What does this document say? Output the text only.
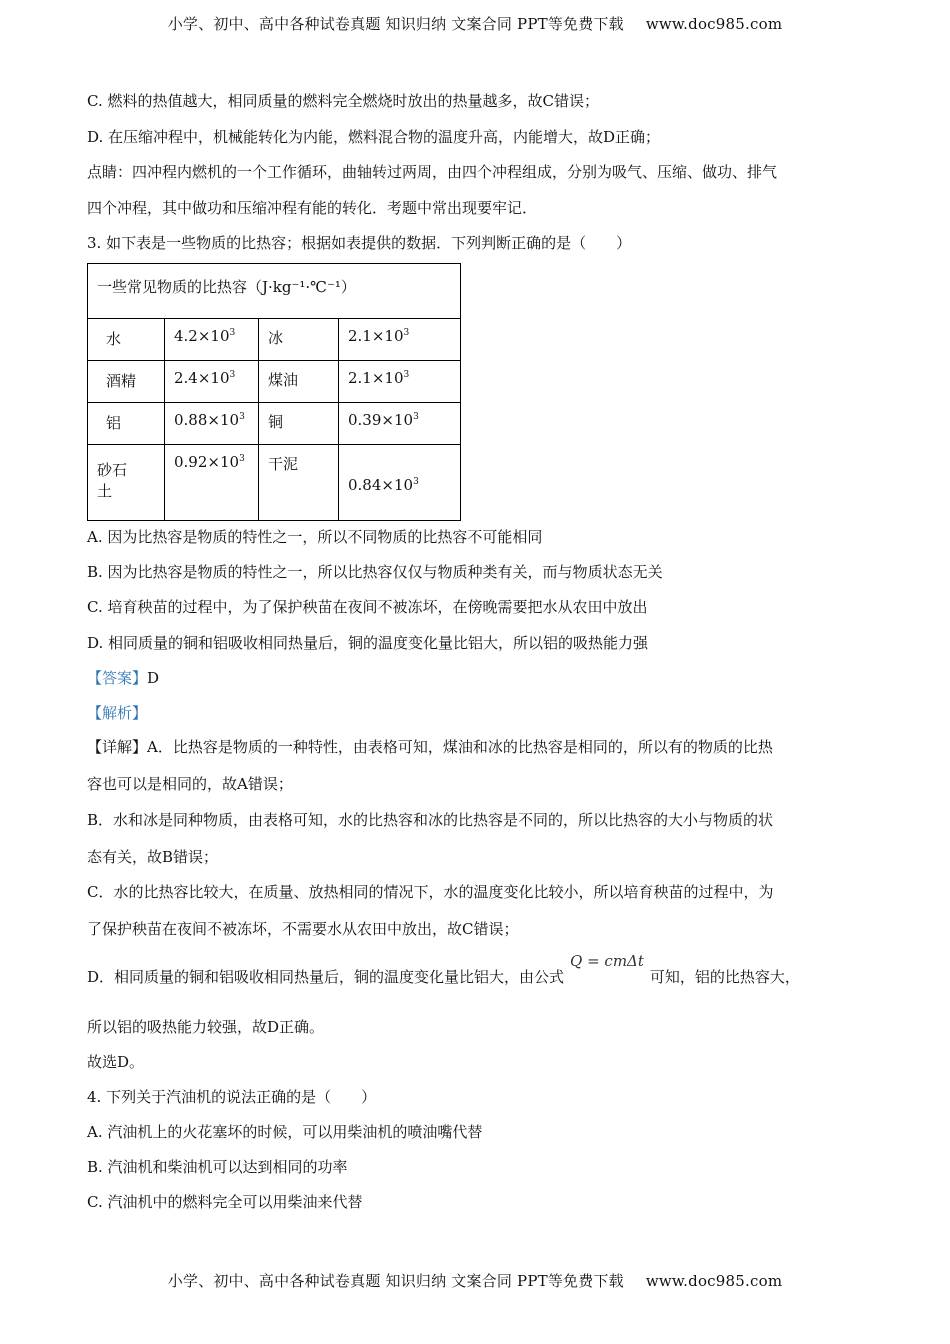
小学、初中、高中各种试卷真题 知识归纳 文案合同 PPT等免费下载 www.doc985.com
C. 燃料的热值越大，相同质量的燃料完全燃烧时放出的热量越多，故C错误；
D. 在压缩冲程中，机械能转化为内能，燃料混合物的温度升高，内能增大，故D正确；
点睛：四冲程内燃机的一个工作循环，曲轴转过两周，由四个冲程组成，分别为吸气、压缩、做功、排气
四个冲程，其中做功和压缩冲程有能的转化．考题中常出现要牢记．
3. 如下表是一些物质的比热容；根据如表提供的数据．下列判断正确的是（　　）
一些常见物质的比热容（J·kg⁻¹·℃⁻¹）			
水	$4.2\times 10^3$	冰	$2.1\times 10^3$
酒精	$2.4\times 10^3$	煤油	$2.1\times 10^3$
铝	$0.88\times 10^3$	铜	$0.39\times 10^3$

砂石
土	$0.92\times 10^3$	干泥	$0.84\times 10^3$
A. 因为比热容是物质的特性之一，所以不同物质的比热容不可能相同
B. 因为比热容是物质的特性之一，所以比热容仅仅与物质种类有关，而与物质状态无关
C. 培育秧苗的过程中，为了保护秧苗在夜间不被冻坏，在傍晚需要把水从农田中放出
D. 相同质量的铜和铝吸收相同热量后，铜的温度变化量比铝大，所以铝的吸热能力强
【答案】D
【解析】
【详解】A．比热容是物质的一种特性，由表格可知，煤油和冰的比热容是相同的，所以有的物质的比热
容也可以是相同的，故A错误；
B．水和冰是同种物质，由表格可知，水的比热容和冰的比热容是不同的，所以比热容的大小与物质的状
态有关，故B错误；
C．水的比热容比较大，在质量、放热相同的情况下，水的温度变化比较小，所以培育秧苗的过程中，为
了保护秧苗在夜间不被冻坏，不需要水从农田中放出，故C错误；
D．相同质量的铜和铝吸收相同热量后，铜的温度变化量比铝大，由公式Q = cmΔt可知，铝的比热容大，
所以铝的吸热能力较强，故D正确。
故选D。
4. 下列关于汽油机的说法正确的是（　　）
A. 汽油机上的火花塞坏的时候，可以用柴油机的喷油嘴代替
B. 汽油机和柴油机可以达到相同的功率
C. 汽油机中的燃料完全可以用柴油来代替
小学、初中、高中各种试卷真题 知识归纳 文案合同 PPT等免费下载 www.doc985.com
